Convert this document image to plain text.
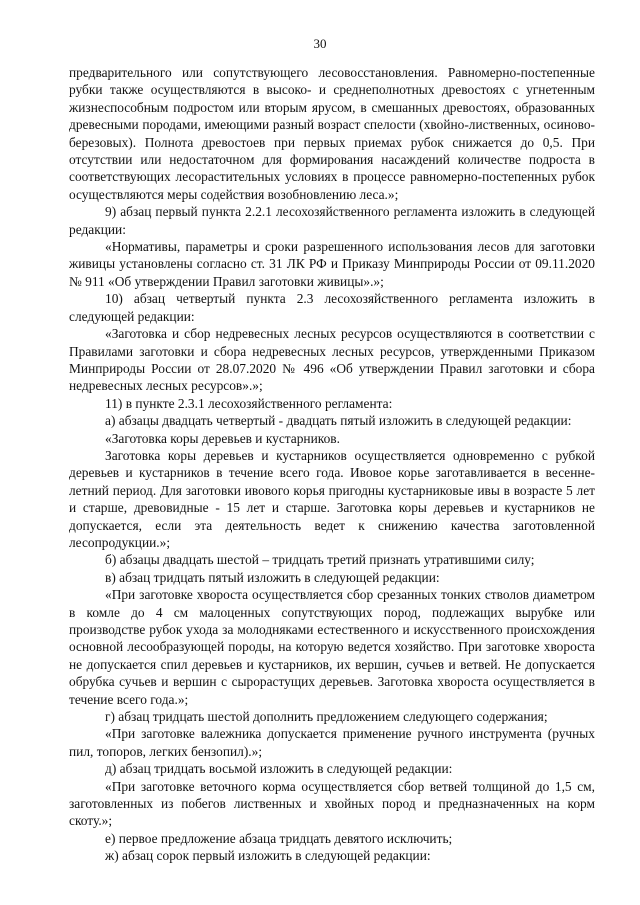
30

предварительного или сопутствующего лесовосстановления. Равномерно-постепенные рубки также осуществляются в высоко- и среднеполнотных древостоях с угнетенным жизнеспособным подростом или вторым ярусом, в смешанных древостоях, образованных древесными породами, имеющими разный возраст спелости (хвойно-лиственных, осиново-березовых). Полнота древостоев при первых приемах рубок снижается до 0,5. При отсутствии или недостаточном для формирования насаждений количестве подроста в соответствующих лесорастительных условиях в процессе равномерно-постепенных рубок осуществляются меры содействия возобновлению леса.»;

9) абзац первый пункта 2.2.1 лесохозяйственного регламента изложить в следующей редакции:

«Нормативы, параметры и сроки разрешенного использования лесов для заготовки живицы установлены согласно ст. 31 ЛК РФ и Приказу Минприроды России от 09.11.2020 № 911 «Об утверждении Правил заготовки живицы».»;

10) абзац четвертый пункта 2.3 лесохозяйственного регламента изложить в следующей редакции:

«Заготовка и сбор недревесных лесных ресурсов осуществляются в соответствии с Правилами заготовки и сбора недревесных лесных ресурсов, утвержденными Приказом Минприроды России от 28.07.2020 № 496 «Об утверждении Правил заготовки и сбора недревесных лесных ресурсов».»;

11) в пункте 2.3.1 лесохозяйственного регламента:

а) абзацы двадцать четвертый - двадцать пятый изложить в следующей редакции:

«Заготовка коры деревьев и кустарников.

Заготовка коры деревьев и кустарников осуществляется одновременно с рубкой деревьев и кустарников в течение всего года. Ивовое корье заготавливается в весенне-летний период. Для заготовки ивового корья пригодны кустарниковые ивы в возрасте 5 лет и старше, древовидные - 15 лет и старше. Заготовка коры деревьев и кустарников не допускается, если эта деятельность ведет к снижению качества заготовленной лесопродукции.»;

б) абзацы двадцать шестой – тридцать третий признать утратившими силу;

в) абзац тридцать пятый изложить в следующей редакции:

«При заготовке хвороста осуществляется сбор срезанных тонких стволов диаметром в комле до 4 см малоценных сопутствующих пород, подлежащих вырубке или производстве рубок ухода за молодняками естественного и искусственного происхождения основной лесообразующей породы, на которую ведется хозяйство. При заготовке хвороста не допускается спил деревьев и кустарников, их вершин, сучьев и ветвей. Не допускается обрубка сучьев и вершин с сырорастущих деревьев. Заготовка хвороста осуществляется в течение всего года.»;

г) абзац тридцать шестой дополнить предложением следующего содержания;

«При заготовке валежника допускается применение ручного инструмента (ручных пил, топоров, легких бензопил).»;

д) абзац тридцать восьмой изложить в следующей редакции:

«При заготовке веточного корма осуществляется сбор ветвей толщиной до 1,5 см, заготовленных из побегов лиственных и хвойных пород и предназначенных на корм скоту.»;

е) первое предложение абзаца тридцать девятого исключить;

ж) абзац сорок первый изложить в следующей редакции:
